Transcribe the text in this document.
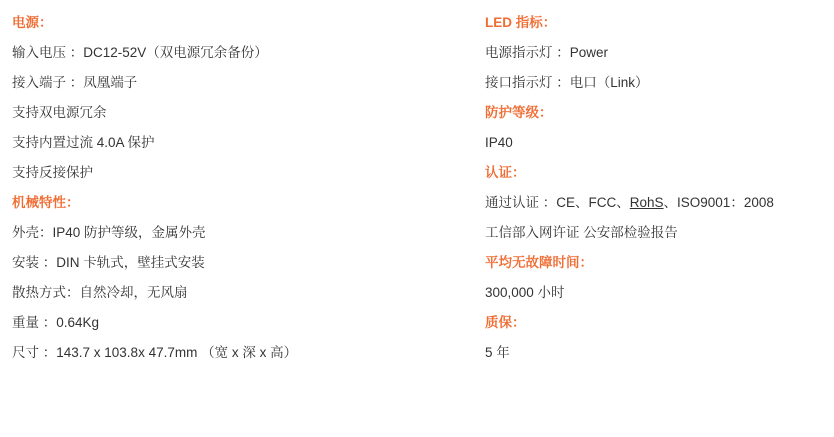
电源：
输入电压 ：DC12-52V（双电源冗余备份）
接入端子 ：凤凰端子
支持双电源冗余
支持内置过流 4.0A 保护
支持反接保护
机械特性：
外壳：IP40 防护等级，金属外壳
安装 ：DIN 卡轨式，壁挂式安装
散热方式：自然冷却，无风扇
重量 ：0.64Kg
尺寸 ：143.7 x 103.8x 47.7mm （宽 x 深 x 高）
LED 指标：
电源指示灯 ：Power
接口指示灯 ：电口（Link）
防护等级：
IP40
认证：
通过认证 ：CE、FCC、RohS、ISO9001：2008
工信部入网许证 公安部检验报告
平均无故障时间：
300,000 小时
质保：
5 年
